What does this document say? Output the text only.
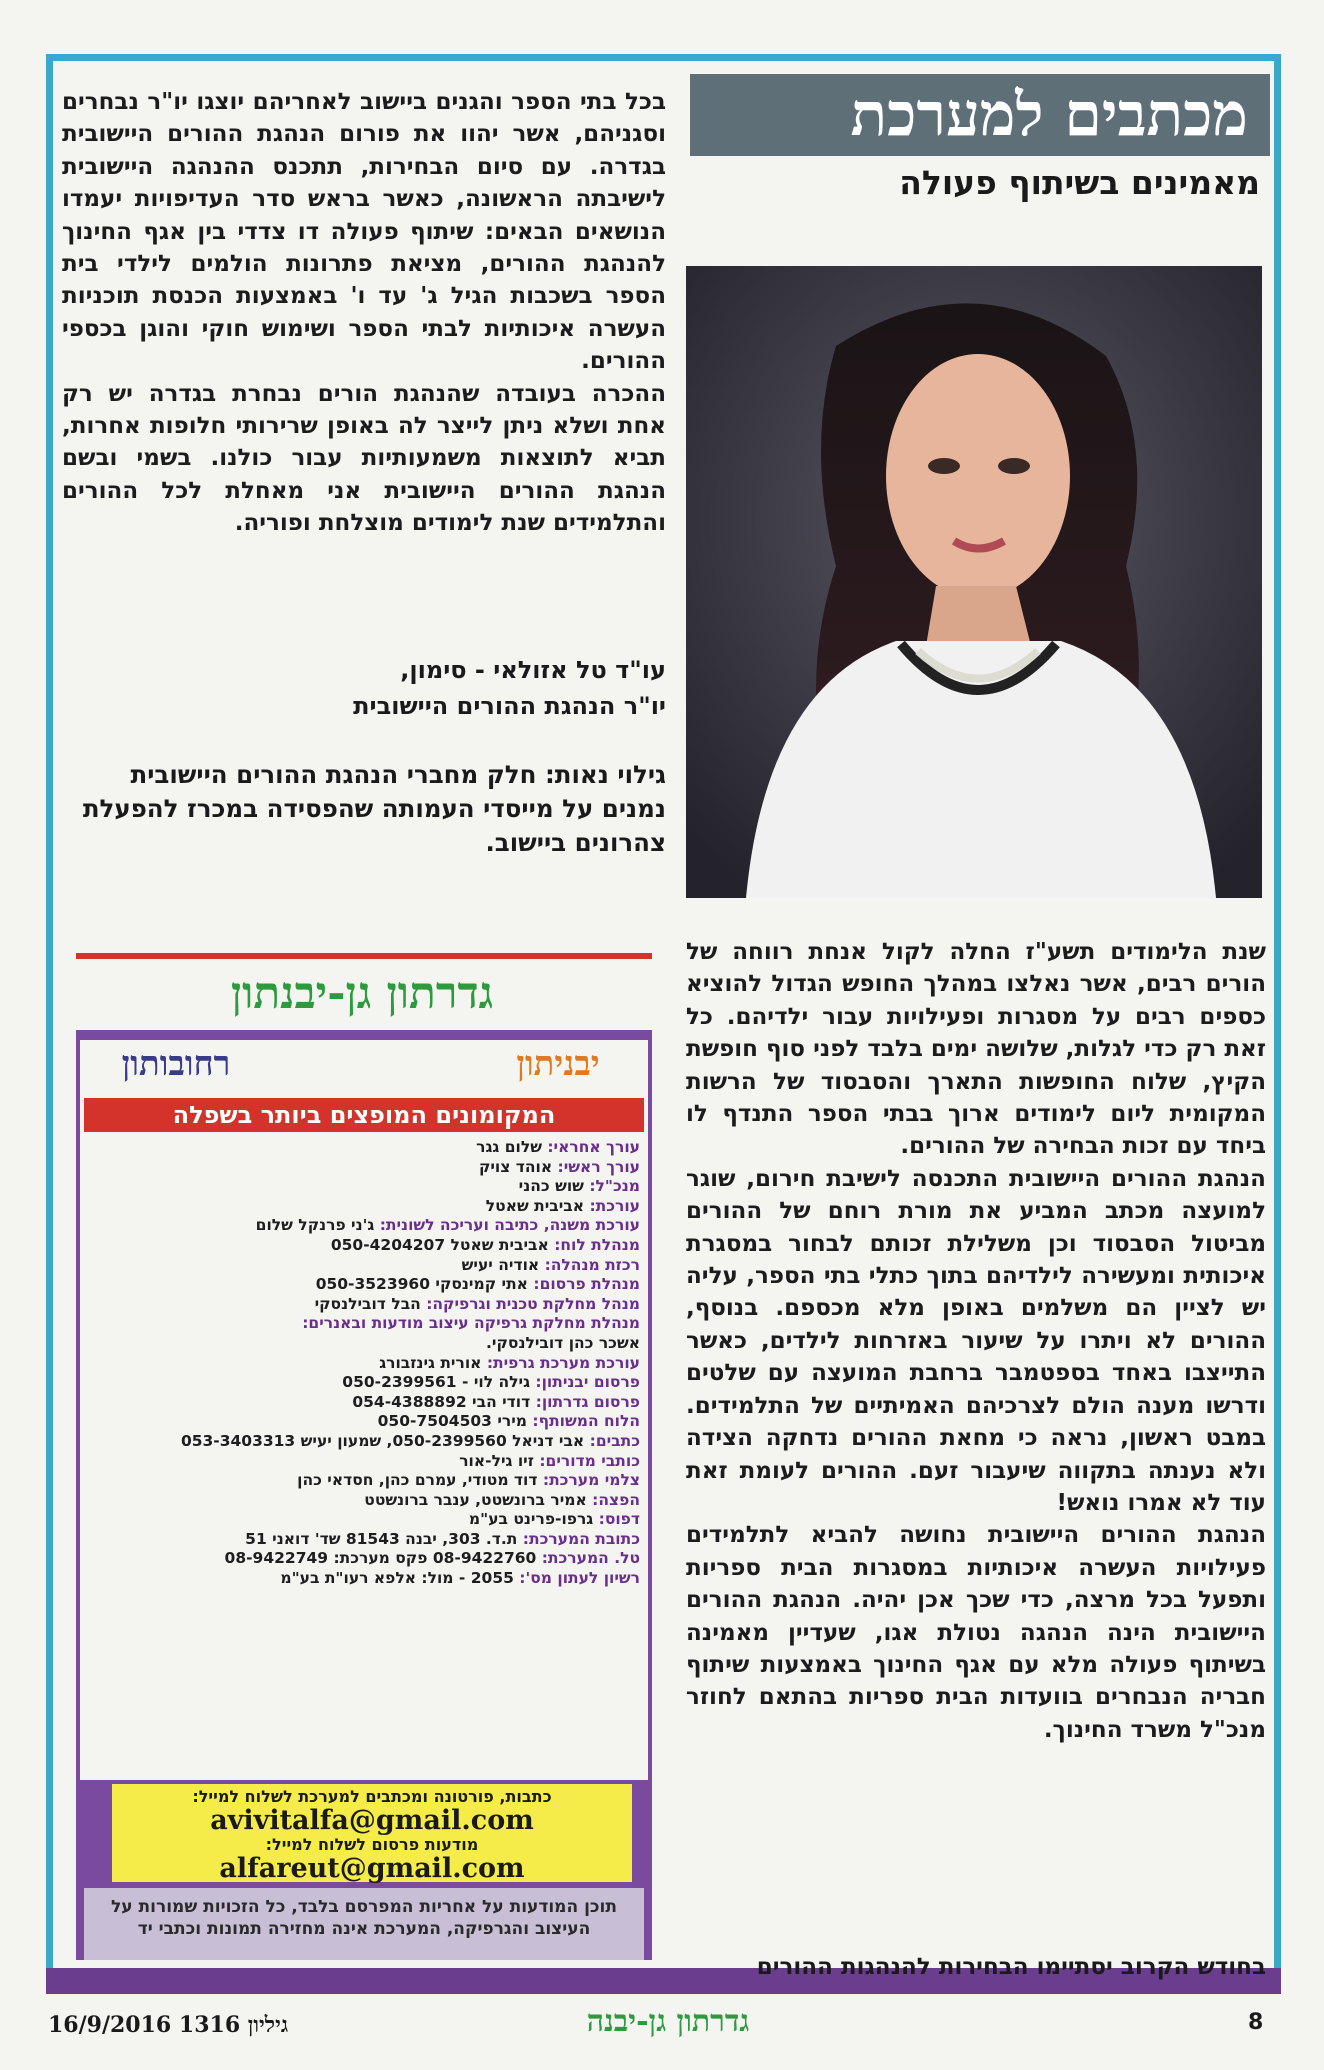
מכתבים למערכת
מאמינים בשיתוף פעולה
בכל בתי הספר והגנים ביישוב לאחריהם יוצגו יו"ר נבחרים וסגניהם, אשר יהוו את פורום הנהגת ההורים היישובית בגדרה. עם סיום הבחירות, תתכנס ההנהגה היישובית לישיבתה הראשונה, כאשר בראש סדר העדיפויות יעמדו הנושאים הבאים: שיתוף פעולה דו צדדי בין אגף החינוך להנהגת ההורים, מציאת פתרונות הולמים לילדי בית הספר בשכבות הגיל ג' עד ו' באמצעות הכנסת תוכניות העשרה איכותיות לבתי הספר ושימוש חוקי והוגן בכספי ההורים.
ההכרה בעובדה שהנהגת הורים נבחרת בגדרה יש רק אחת ושלא ניתן לייצר לה באופן שרירותי חלופות אחרות, תביא לתוצאות משמעותיות עבור כולנו. בשמי ובשם הנהגת ההורים היישובית אני מאחלת לכל ההורים והתלמידים שנת לימודים מוצלחת ופוריה.
עו"ד טל אזולאי - סימון,
יו"ר הנהגת ההורים היישובית
גילוי נאות: חלק מחברי הנהגת ההורים היישובית נמנים על מייסדי העמותה שהפסידה במכרז להפעלת צהרונים ביישוב.
שנת הלימודים תשע"ז החלה לקול אנחת רווחה של הורים רבים, אשר נאלצו במהלך החופש הגדול להוציא כספים רבים על מסגרות ופעילויות עבור ילדיהם. כל זאת רק כדי לגלות, שלושה ימים בלבד לפני סוף חופשת הקיץ, שלוח החופשות התארך והסבסוד של הרשות המקומית ליום לימודים ארוך בבתי הספר התנדף לו ביחד עם זכות הבחירה של ההורים.
הנהגת ההורים היישובית התכנסה לישיבת חירום, שוגר למועצה מכתב המביע את מורת רוחם של ההורים מביטול הסבסוד וכן משלילת זכותם לבחור במסגרת איכותית ומעשירה לילדיהם בתוך כתלי בתי הספר, עליה יש לציין הם משלמים באופן מלא מכספם. בנוסף, ההורים לא ויתרו על שיעור באזרחות לילדים, כאשר התייצבו באחד בספטמבר ברחבת המועצה עם שלטים ודרשו מענה הולם לצרכיהם האמיתיים של התלמידים. במבט ראשון, נראה כי מחאת ההורים נדחקה הצידה ולא נענתה בתקווה שיעבור זעם. ההורים לעומת זאת עוד לא אמרו נואש!
הנהגת ההורים היישובית נחושה להביא לתלמידים פעילויות העשרה איכותיות במסגרות הבית ספריות ותפעל בכל מרצה, כדי שכך אכן יהיה. הנהגת ההורים היישובית הינה הנהגה נטולת אגו, שעדיין מאמינה בשיתוף פעולה מלא עם אגף החינוך באמצעות שיתוף חבריה הנבחרים בוועדות הבית ספריות בהתאם לחוזר מנכ"ל משרד החינוך.
בחודש הקרוב יסתיימו הבחירות להנהגות ההורים
גדרתון גן-יבנתון
רחובותון	יבניתון
המקומונים המופצים ביותר בשפלה
עורך אחראי: שלום גגר
עורך ראשי: אוהד צויק
מנכ"ל: שוש כהני
עורכת: אביבית שאטל
עורכת משנה, כתיבה ועריכה לשונית: ג'ני פרנקל שלום
מנהלת לוח: אביבית שאטל 050-4204207
רכזת מנהלה: אודיה יעיש
מנהלת פרסום: אתי קמינסקי 050-3523960
מנהל מחלקת טכנית וגרפיקה: הבל דובילנסקי
מנהלת מחלקת גרפיקה עיצוב מודעות ובאנרים:
אשכר כהן דובילנסקי.
עורכת מערכת גרפית: אורית גינזבורג
פרסום יבניתון: גילה לוי - 050-2399561
פרסום גדרתון: דודי הבי 054-4388892
הלוח המשותף: מירי 050-7504503
כתבים: אבי דניאל 050-2399560, שמעון יעיש 053-3403313
כותבי מדורים: זיו גיל-אור
צלמי מערכת: דוד מטודי, עמרם כהן, חסדאי כהן
הפצה: אמיר ברונשטט, ענבר ברונשטט
דפוס: גרפו-פרינט בע"מ
כתובת המערכת: ת.ד. 303, יבנה 81543 שד' דואני 51
טל. המערכת: 08-9422760 פקס מערכת: 08-9422749
רשיון לעתון מס': 2055 - מול: אלפא רעו"ת בע"מ
כתבות, פורטונה ומכתבים למערכת לשלוח למייל:
avivitalfa@gmail.com
מודעות פרסום לשלוח למייל:
alfareut@gmail.com
תוכן המודעות על אחריות המפרסם בלבד, כל הזכויות שמורות על העיצוב והגרפיקה, המערכת אינה מחזירה תמונות וכתבי יד
8
גדרתון גן-יבנה
גיליון 1316 16/9/2016
